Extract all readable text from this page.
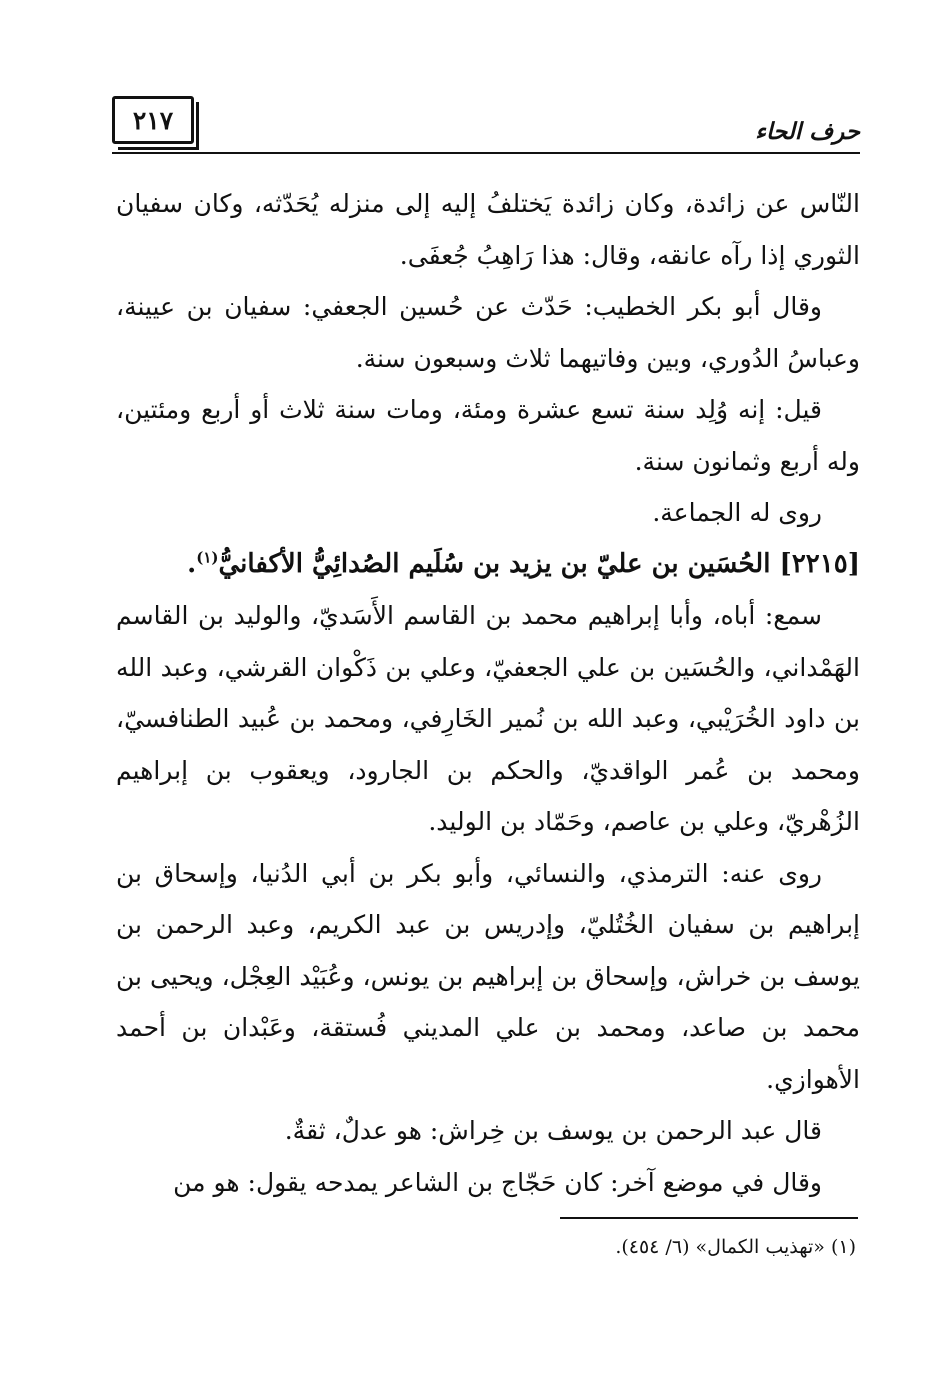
حرف الحاء
٢١٧

النّاس عن زائدة، وكان زائدة يَختلفُ إليه إلى منزله يُحَدّثه، وكان سفيان الثوري إذا رآه عانقه، وقال: هذا رَاهِبُ جُعفَى.

وقال أبو بكر الخطيب: حَدّث عن حُسين الجعفي: سفيان بن عيينة، وعباسُ الدُوري، وبين وفاتيهما ثلاث وسبعون سنة.

قيل: إنه وُلِد سنة تسع عشرة ومئة، ومات سنة ثلاث أو أربع ومئتين، وله أربع وثمانون سنة.

روى له الجماعة.

[٢٢١٥] الحُسَين بن عليّ بن يزيد بن سُلَيم الصُدائِيُّ الأكفانيُّ$^{(١)}$.

سمع: أباه، وأبا إبراهيم محمد بن القاسم الأَسَديّ، والوليد بن القاسم الهَمْداني، والحُسَين بن علي الجعفيّ، وعلي بن ذَكْوان القرشي، وعبد الله بن داود الخُرَيْبي، وعبد الله بن نُمير الخَارِفي، ومحمد بن عُبيد الطنافسيّ، ومحمد بن عُمر الواقديّ، والحكم بن الجارود، ويعقوب بن إبراهيم الزُهْريّ، وعلي بن عاصم، وحَمّاد بن الوليد.

روى عنه: الترمذي، والنسائي، وأبو بكر بن أبي الدُنيا، وإسحاق بن إبراهيم بن سفيان الخُتُليّ، وإدريس بن عبد الكريم، وعبد الرحمن بن يوسف بن خراش، وإسحاق بن إبراهيم بن يونس، وعُبَيْد العِجْل، ويحيى بن محمد بن صاعد، ومحمد بن علي المديني فُستقة، وعَبْدان بن أحمد الأهوازي.

قال عبد الرحمن بن يوسف بن خِراش: هو عدلٌ، ثقةٌ.

وقال في موضع آخر: كان حَجّاج بن الشاعر يمدحه يقول: هو من

(١) «تهذيب الكمال» (٦/ ٤٥٤).
